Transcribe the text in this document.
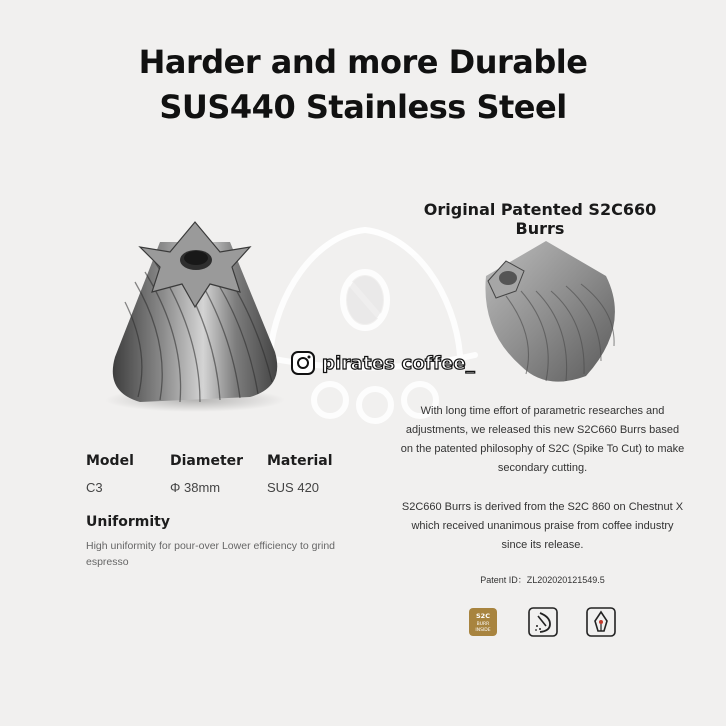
Harder and more Durable
SUS440 Stainless Steel
pirates coffee_
Model	Diameter Material
C3	Φ 38mm	SUS 420
Uniformity
High uniformity for pour-over Lower efficiency to grind espresso
Original Patented S2C660 Burrs
With long time effort of parametric researches and adjustments, we released this new S2C660 Burrs based on the patented philosophy of S2C (Spike To Cut) to make secondary cutting.
S2C660 Burrs is derived from the S2C 860 on Chestnut X which received unanimous praise from coffee industry since its release.
Patent ID：ZL202020121549.5
S2C
BURR
INSIDE
